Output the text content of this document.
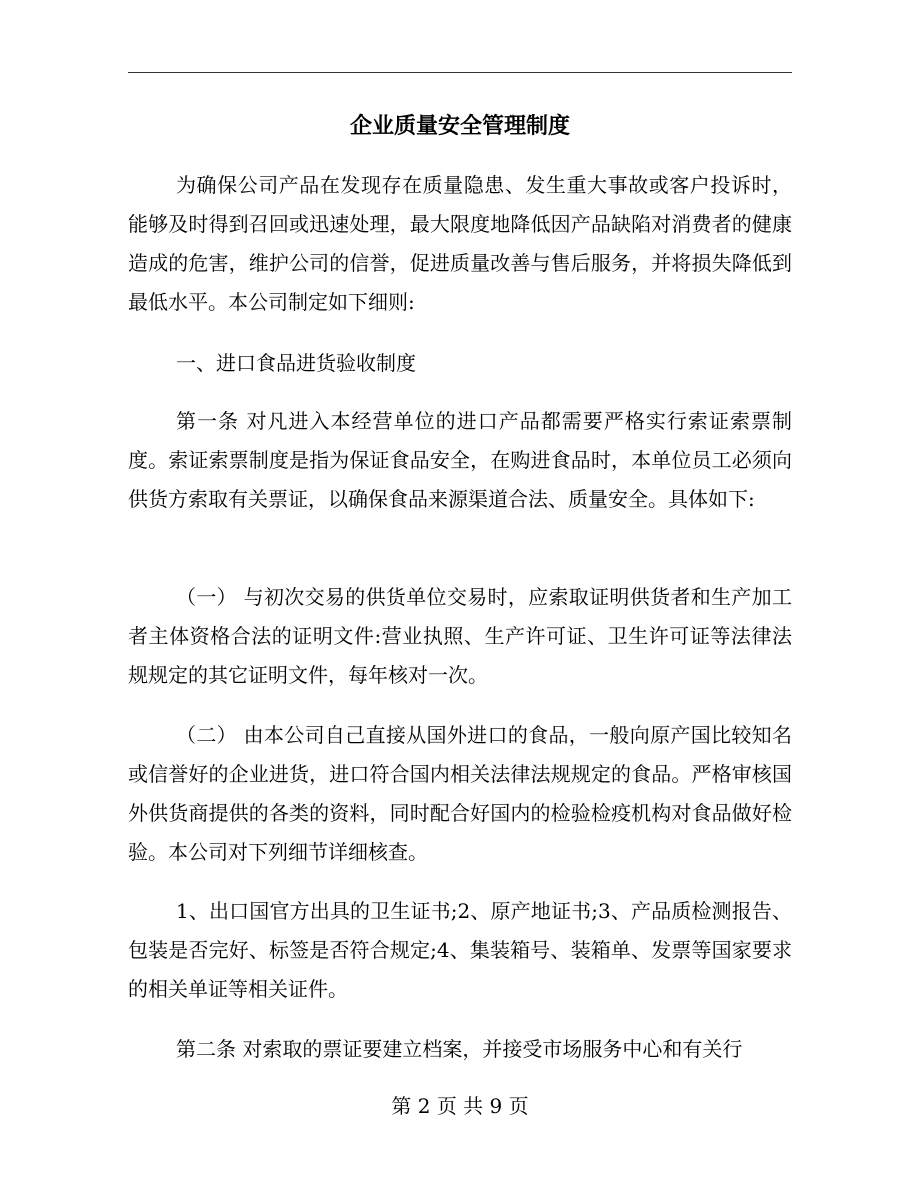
企业质量安全管理制度

为确保公司产品在发现存在质量隐患、发生重大事故或客户投诉时，能够及时得到召回或迅速处理，最大限度地降低因产品缺陷对消费者的健康造成的危害，维护公司的信誉，促进质量改善与售后服务，并将损失降低到最低水平。本公司制定如下细则:

一、进口食品进货验收制度

第一条 对凡进入本经营单位的进口产品都需要严格实行索证索票制度。索证索票制度是指为保证食品安全，在购进食品时，本单位员工必须向供货方索取有关票证，以确保食品来源渠道合法、质量安全。具体如下:

（一） 与初次交易的供货单位交易时，应索取证明供货者和生产加工者主体资格合法的证明文件:营业执照、生产许可证、卫生许可证等法律法规规定的其它证明文件，每年核对一次。

（二） 由本公司自己直接从国外进口的食品，一般向原产国比较知名或信誉好的企业进货，进口符合国内相关法律法规规定的食品。严格审核国外供货商提供的各类的资料，同时配合好国内的检验检疫机构对食品做好检验。本公司对下列细节详细核查。

1、出口国官方出具的卫生证书;2、原产地证书;3、产品质检测报告、包装是否完好、标签是否符合规定;4、集装箱号、装箱单、发票等国家要求的相关单证等相关证件。

第二条 对索取的票证要建立档案，并接受市场服务中心和有关行

第 2 页 共 9 页
